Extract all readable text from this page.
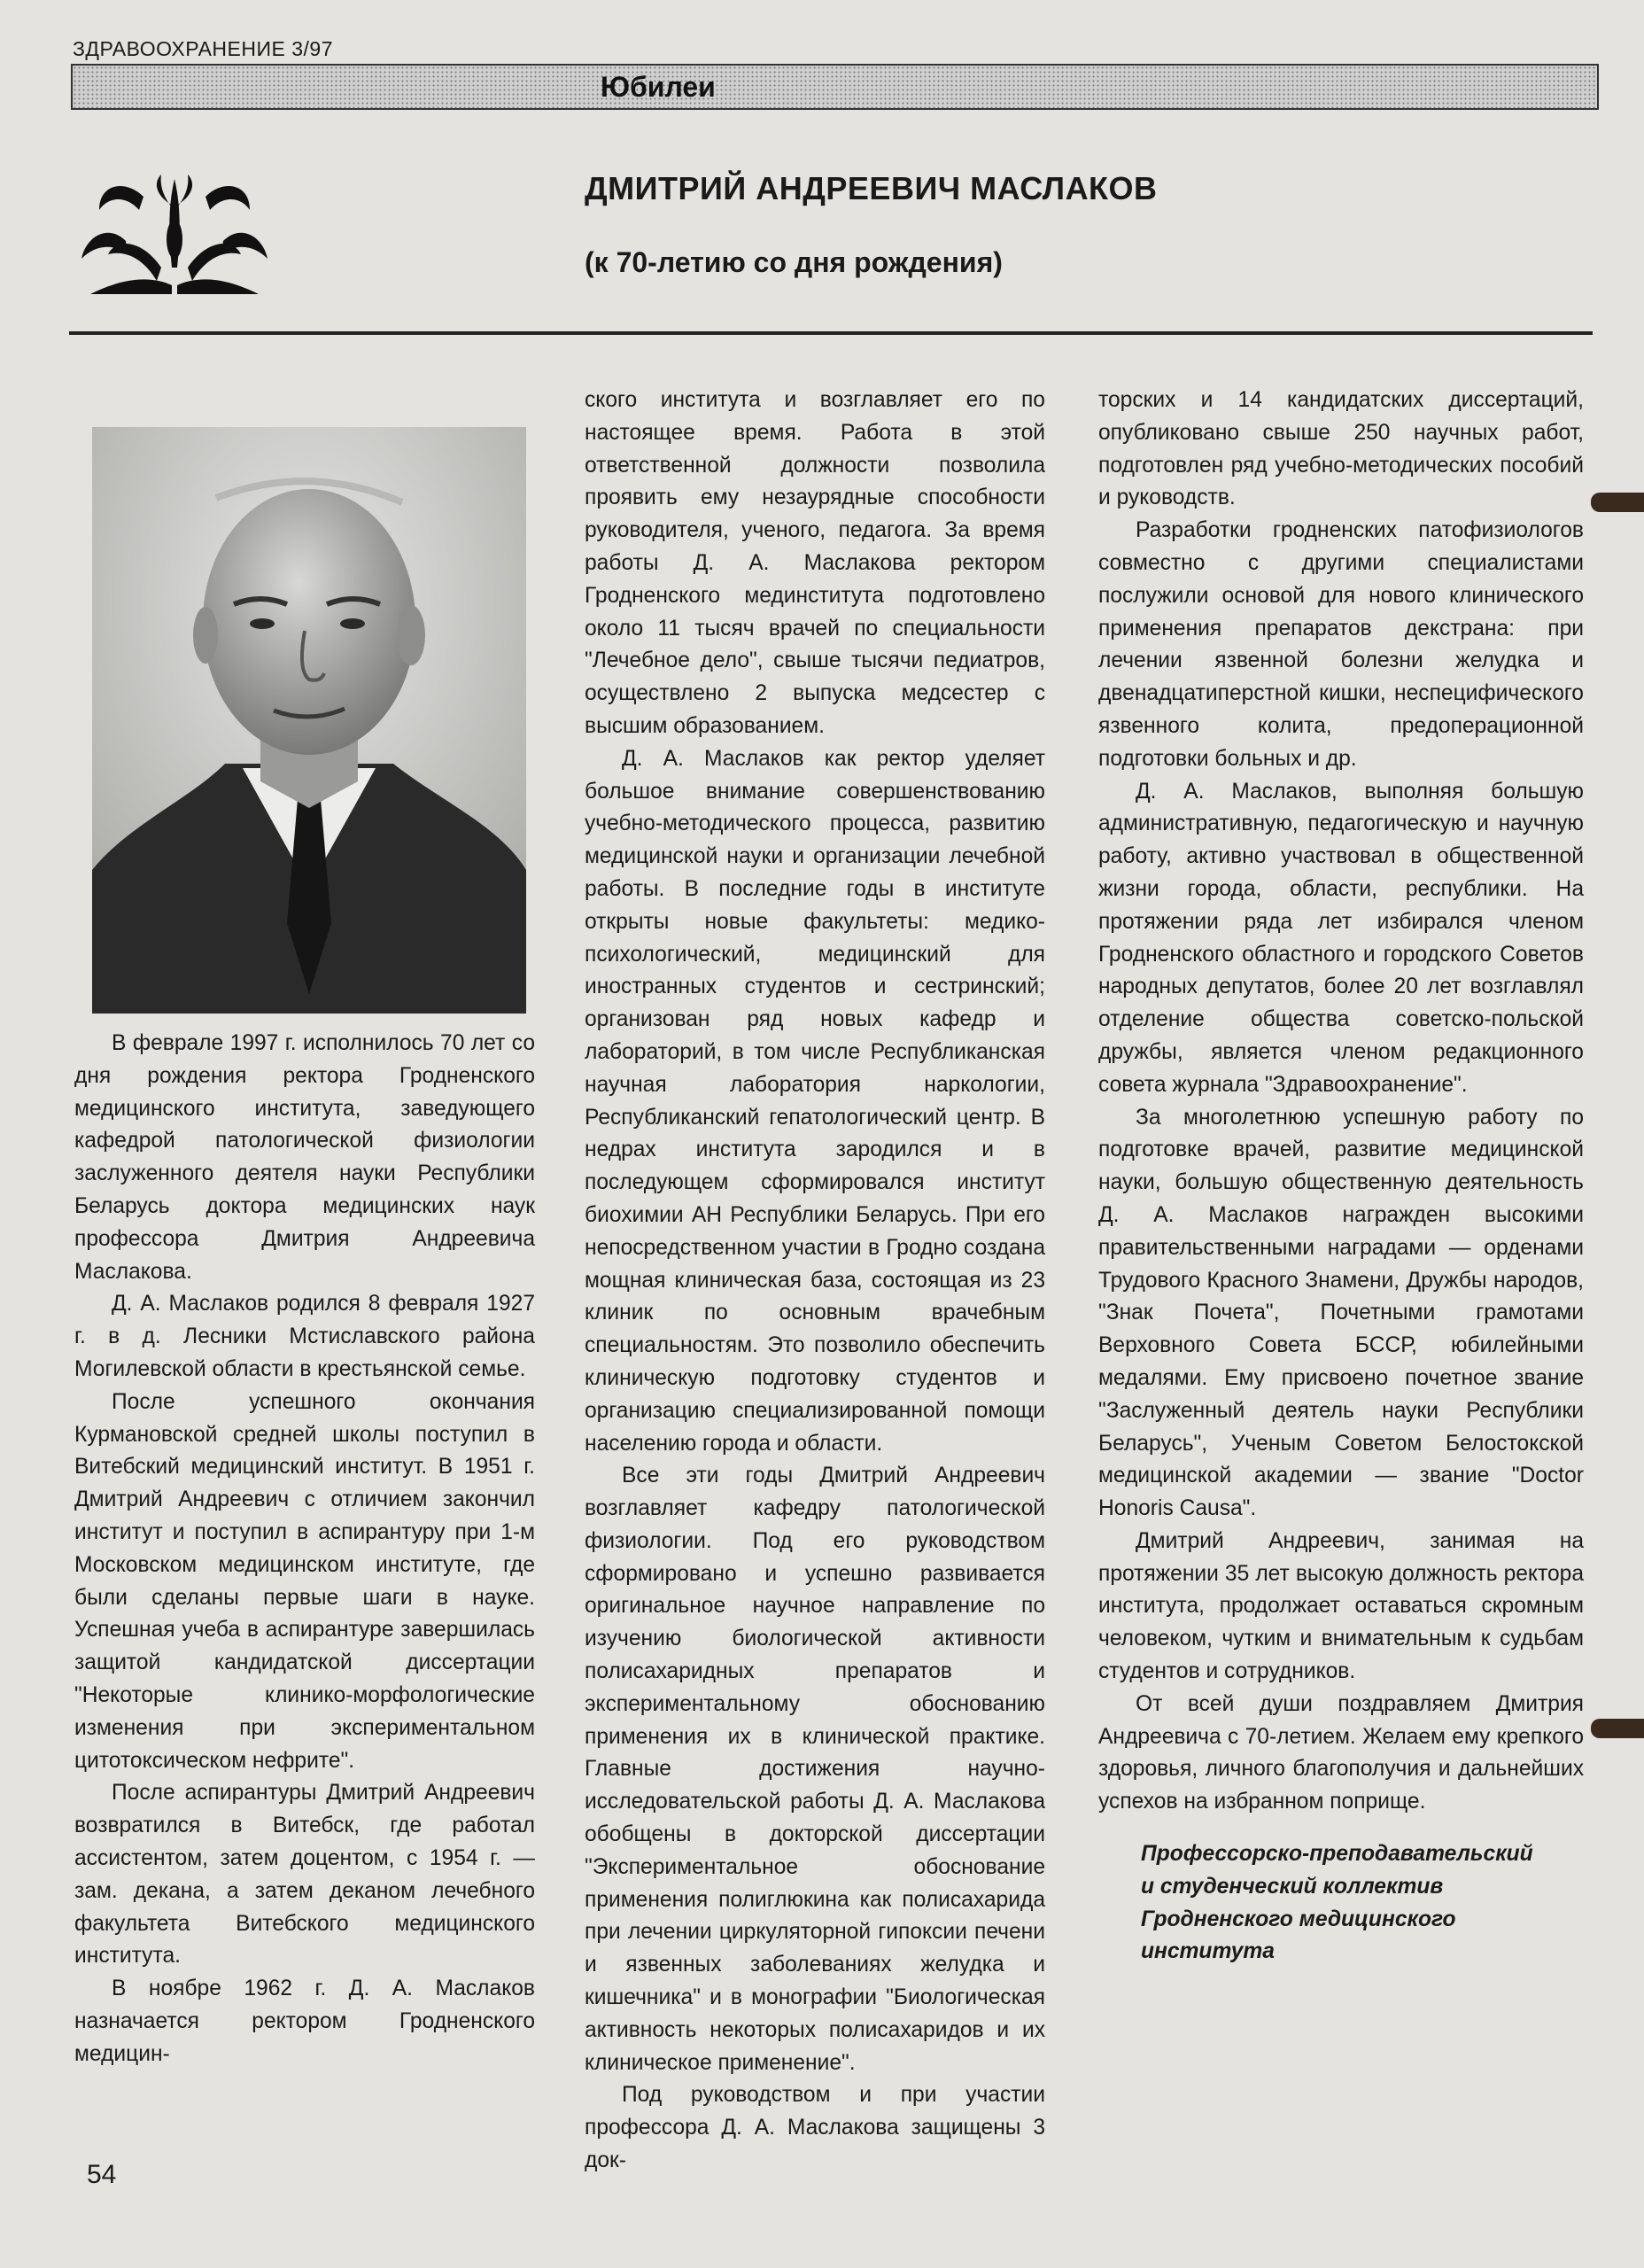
ЗДРАВООХРАНЕНИЕ 3/97
Юбилеи
ДМИТРИЙ АНДРЕЕВИЧ МАСЛАКОВ
(к 70-летию со дня рождения)

В феврале 1997 г. исполнилось 70 лет со дня рождения ректора Гродненского медицинского института, заведующего кафедрой патологической физиологии заслуженного деятеля науки Республики Беларусь доктора медицинских наук профессора Дмитрия Андреевича Маслакова.

Д. А. Маслаков родился 8 февраля 1927 г. в д. Лесники Мстиславского района Могилевской области в крестьянской семье.

После успешного окончания Курмановской средней школы поступил в Витебский медицинский институт. В 1951 г. Дмитрий Андреевич с отличием закончил институт и поступил в аспирантуру при 1-м Московском медицинском институте, где были сделаны первые шаги в науке. Успешная учеба в аспирантуре завершилась защитой кандидатской диссертации "Некоторые клинико-морфологические изменения при экспериментальном цитотоксическом нефрите".

После аспирантуры Дмитрий Андреевич возвратился в Витебск, где работал ассистентом, затем доцентом, с 1954 г. — зам. декана, а затем деканом лечебного факультета Витебского медицинского института.

В ноябре 1962 г. Д. А. Маслаков назначается ректором Гродненского медицин-

ского института и возглавляет его по настоящее время. Работа в этой ответственной должности позволила проявить ему незаурядные способности руководителя, ученого, педагога. За время работы Д. А. Маслакова ректором Гродненского мединститута подготовлено около 11 тысяч врачей по специальности "Лечебное дело", свыше тысячи педиатров, осуществлено 2 выпуска медсестер с высшим образованием.

Д. А. Маслаков как ректор уделяет большое внимание совершенствованию учебно-методического процесса, развитию медицинской науки и организации лечебной работы. В последние годы в институте открыты новые факультеты: медико-психологический, медицинский для иностранных студентов и сестринский; организован ряд новых кафедр и лабораторий, в том числе Республиканская научная лаборатория наркологии, Республиканский гепатологический центр. В недрах института зародился и в последующем сформировался институт биохимии АН Республики Беларусь. При его непосредственном участии в Гродно создана мощная клиническая база, состоящая из 23 клиник по основным врачебным специальностям. Это позволило обеспечить клиническую подготовку студентов и организацию специализированной помощи населению города и области.

Все эти годы Дмитрий Андреевич возглавляет кафедру патологической физиологии. Под его руководством сформировано и успешно развивается оригинальное научное направление по изучению биологической активности полисахаридных препаратов и экспериментальному обоснованию применения их в клинической практике. Главные достижения научно-исследовательской работы Д. А. Маслакова обобщены в докторской диссертации "Экспериментальное обоснование применения полиглюкина как полисахарида при лечении циркуляторной гипоксии печени и язвенных заболеваниях желудка и кишечника" и в монографии "Биологическая активность некоторых полисахаридов и их клиническое применение".

Под руководством и при участии профессора Д. А. Маслакова защищены 3 док-

торских и 14 кандидатских диссертаций, опубликовано свыше 250 научных работ, подготовлен ряд учебно-методических пособий и руководств.

Разработки гродненских патофизиологов совместно с другими специалистами послужили основой для нового клинического применения препаратов декстрана: при лечении язвенной болезни желудка и двенадцатиперстной кишки, неспецифического язвенного колита, предоперационной подготовки больных и др.

Д. А. Маслаков, выполняя большую административную, педагогическую и научную работу, активно участвовал в общественной жизни города, области, республики. На протяжении ряда лет избирался членом Гродненского областного и городского Советов народных депутатов, более 20 лет возглавлял отделение общества советско-польской дружбы, является членом редакционного совета журнала "Здравоохранение".

За многолетнюю успешную работу по подготовке врачей, развитие медицинской науки, большую общественную деятельность Д. А. Маслаков награжден высокими правительственными наградами — орденами Трудового Красного Знамени, Дружбы народов, "Знак Почета", Почетными грамотами Верховного Совета БССР, юбилейными медалями. Ему присвоено почетное звание "Заслуженный деятель науки Республики Беларусь", Ученым Советом Белостокской медицинской академии — звание "Doctor Honoris Causa".

Дмитрий Андреевич, занимая на протяжении 35 лет высокую должность ректора института, продолжает оставаться скромным человеком, чутким и внимательным к судьбам студентов и сотрудников.

От всей души поздравляем Дмитрия Андреевича с 70-летием. Желаем ему крепкого здоровья, личного благополучия и дальнейших успехов на избранном поприще.

Профессорско-преподавательский
и студенческий коллектив
Гродненского медицинского
института
54
